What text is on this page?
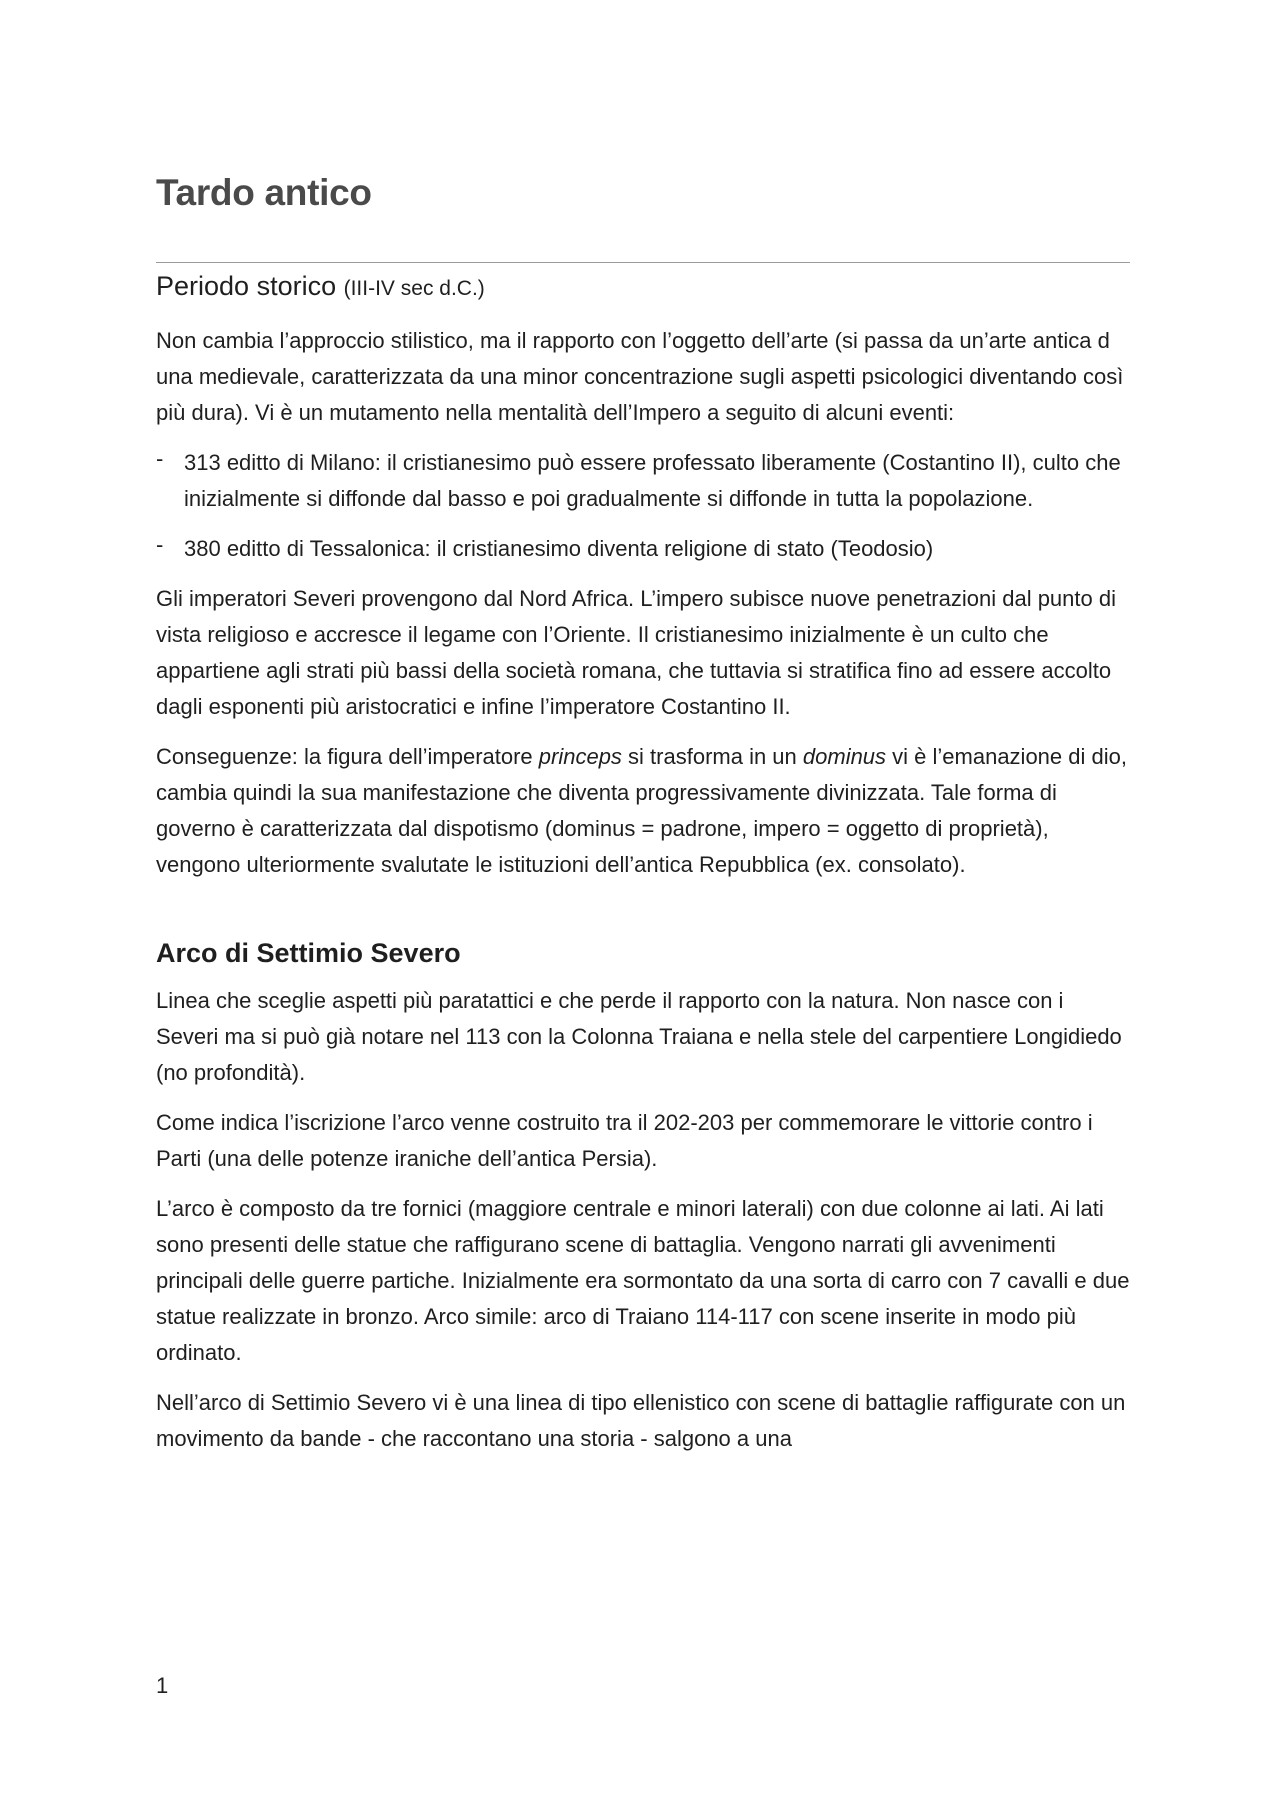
Tardo antico
Periodo storico (III-IV sec d.C.)

Non cambia l’approccio stilistico, ma il rapporto con l’oggetto dell’arte (si passa da un’arte antica d una medievale, caratterizzata da una minor concentrazione sugli aspetti psicologici diventando così più dura). Vi è un mutamento nella mentalità dell’Impero a seguito di alcuni eventi:

- 313 editto di Milano: il cristianesimo può essere professato liberamente (Costantino II), culto che inizialmente si diffonde dal basso e poi gradualmente si diffonde in tutta la popolazione.
- 380 editto di Tessalonica: il cristianesimo diventa religione di stato (Teodosio)

Gli imperatori Severi provengono dal Nord Africa. L’impero subisce nuove penetrazioni dal punto di vista religioso e accresce il legame con l’Oriente. Il cristianesimo inizialmente è un culto che appartiene agli strati più bassi della società romana, che tuttavia si stratifica fino ad essere accolto dagli esponenti più aristocratici e infine l’imperatore Costantino II.

Conseguenze: la figura dell’imperatore princeps si trasforma in un dominus vi è l’emanazione di dio, cambia quindi la sua manifestazione che diventa progressivamente divinizzata. Tale forma di governo è caratterizzata dal dispotismo (dominus = padrone, impero = oggetto di proprietà), vengono ulteriormente svalutate le istituzioni dell’antica Repubblica (ex. consolato).

Arco di Settimio Severo

Linea che sceglie aspetti più paratattici e che perde il rapporto con la natura. Non nasce con i Severi ma si può già notare nel 113 con la Colonna Traiana e nella stele del carpentiere Longidiedo (no profondità).

Come indica l’iscrizione l’arco venne costruito tra il 202-203 per commemorare le vittorie contro i Parti (una delle potenze iraniche dell’antica Persia).

L’arco è composto da tre fornici (maggiore centrale e minori laterali) con due colonne ai lati. Ai lati sono presenti delle statue che raffigurano scene di battaglia. Vengono narrati gli avvenimenti principali delle guerre partiche. Inizialmente era sormontato da una sorta di carro con 7 cavalli e due statue realizzate in bronzo. Arco simile: arco di Traiano 114-117 con scene inserite in modo più ordinato.

Nell’arco di Settimio Severo vi è una linea di tipo ellenistico con scene di battaglie raffigurate con un movimento da bande - che raccontano una storia - salgono a una

1
